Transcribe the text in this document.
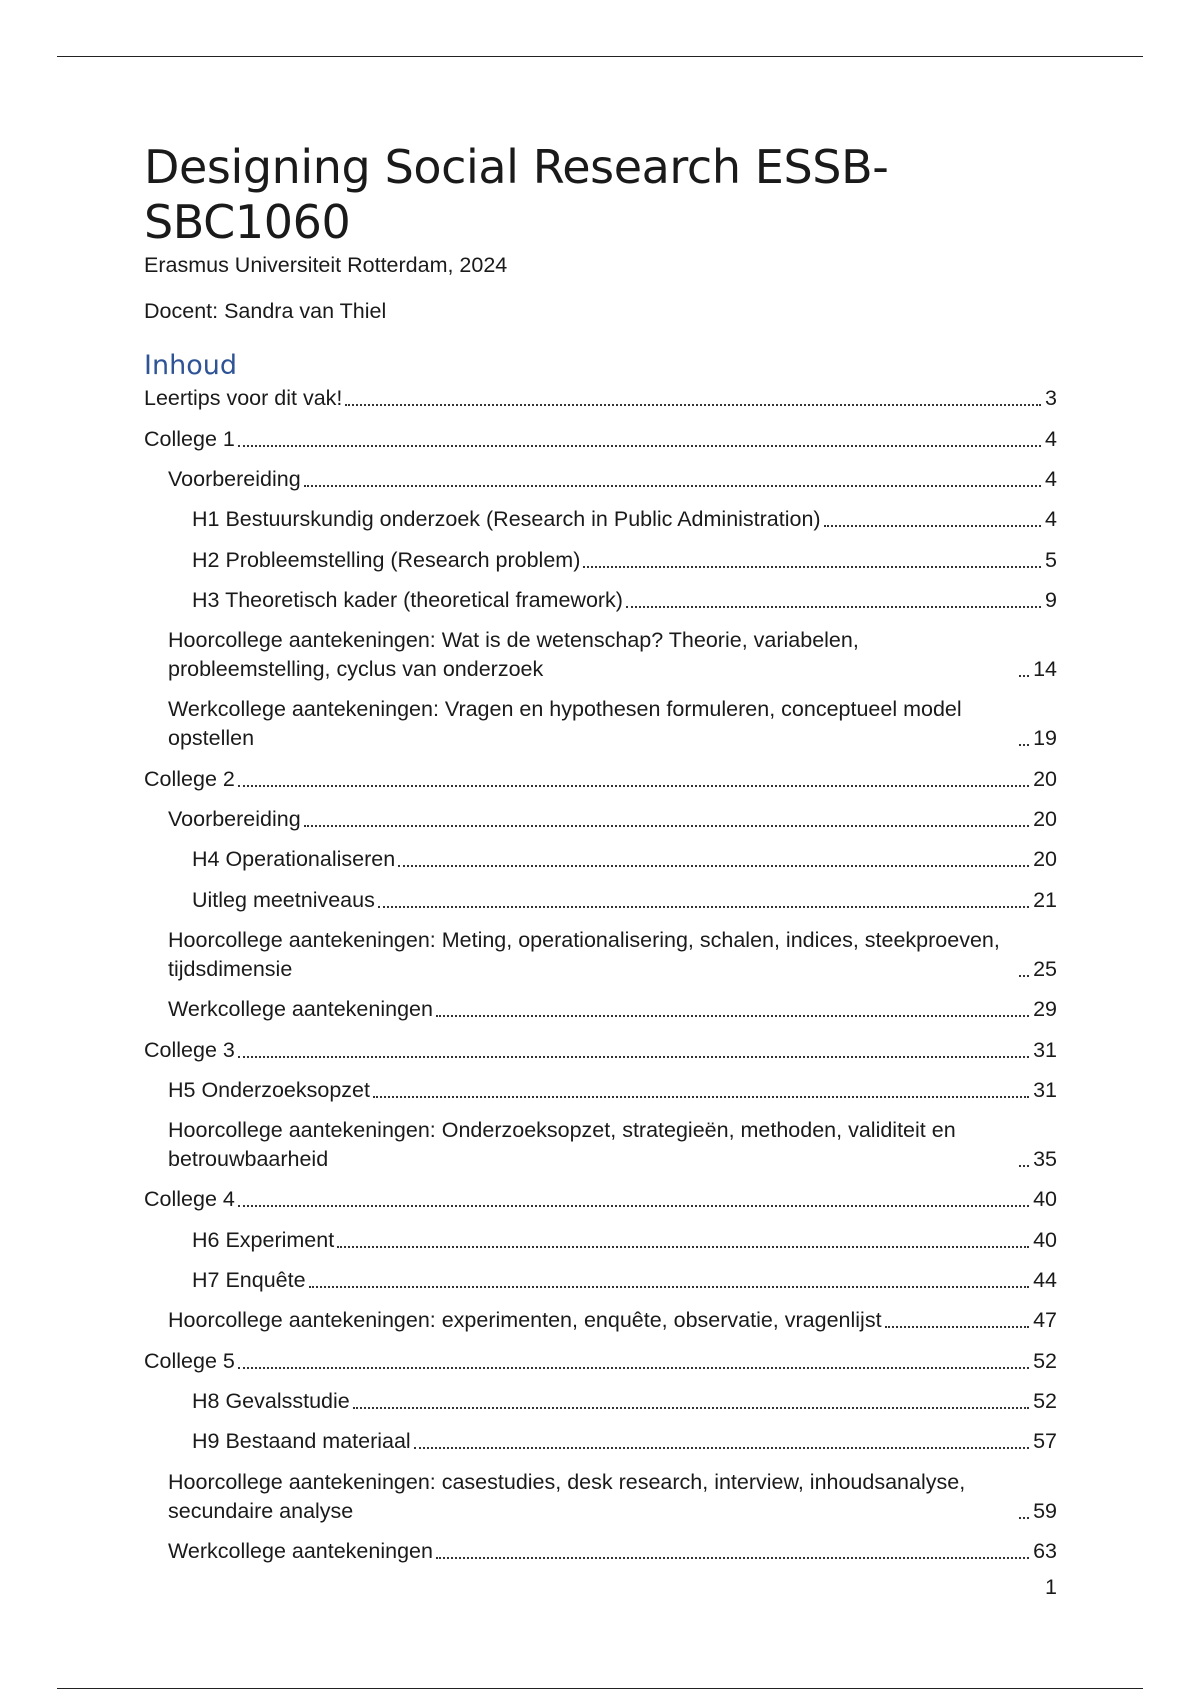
Designing Social Research ESSB-SBC1060

Erasmus Universiteit Rotterdam, 2024

Docent: Sandra van Thiel

Inhoud
Leertips voor dit vak!	3
College 1	4
Voorbereiding	4
H1 Bestuurskundig onderzoek (Research in Public Administration)	4
H2 Probleemstelling (Research problem)	5
H3 Theoretisch kader (theoretical framework)	9
Hoorcollege aantekeningen: Wat is de wetenschap? Theorie, variabelen, probleemstelling, cyclus van onderzoek	14
Werkcollege aantekeningen: Vragen en hypothesen formuleren, conceptueel model opstellen	19
College 2	20
Voorbereiding	20
H4 Operationaliseren	20
Uitleg meetniveaus	21
Hoorcollege aantekeningen: Meting, operationalisering, schalen, indices, steekproeven, tijdsdimensie	25
Werkcollege aantekeningen	29
College 3	31
H5 Onderzoeksopzet	31
Hoorcollege aantekeningen: Onderzoeksopzet, strategieën, methoden, validiteit en betrouwbaarheid	35
College 4	40
H6 Experiment	40
H7 Enquête	44
Hoorcollege aantekeningen: experimenten, enquête, observatie, vragenlijst	47
College 5	52
H8 Gevalsstudie	52
H9 Bestaand materiaal	57
Hoorcollege aantekeningen: casestudies, desk research, interview, inhoudsanalyse, secundaire analyse	59
Werkcollege aantekeningen	63
1
